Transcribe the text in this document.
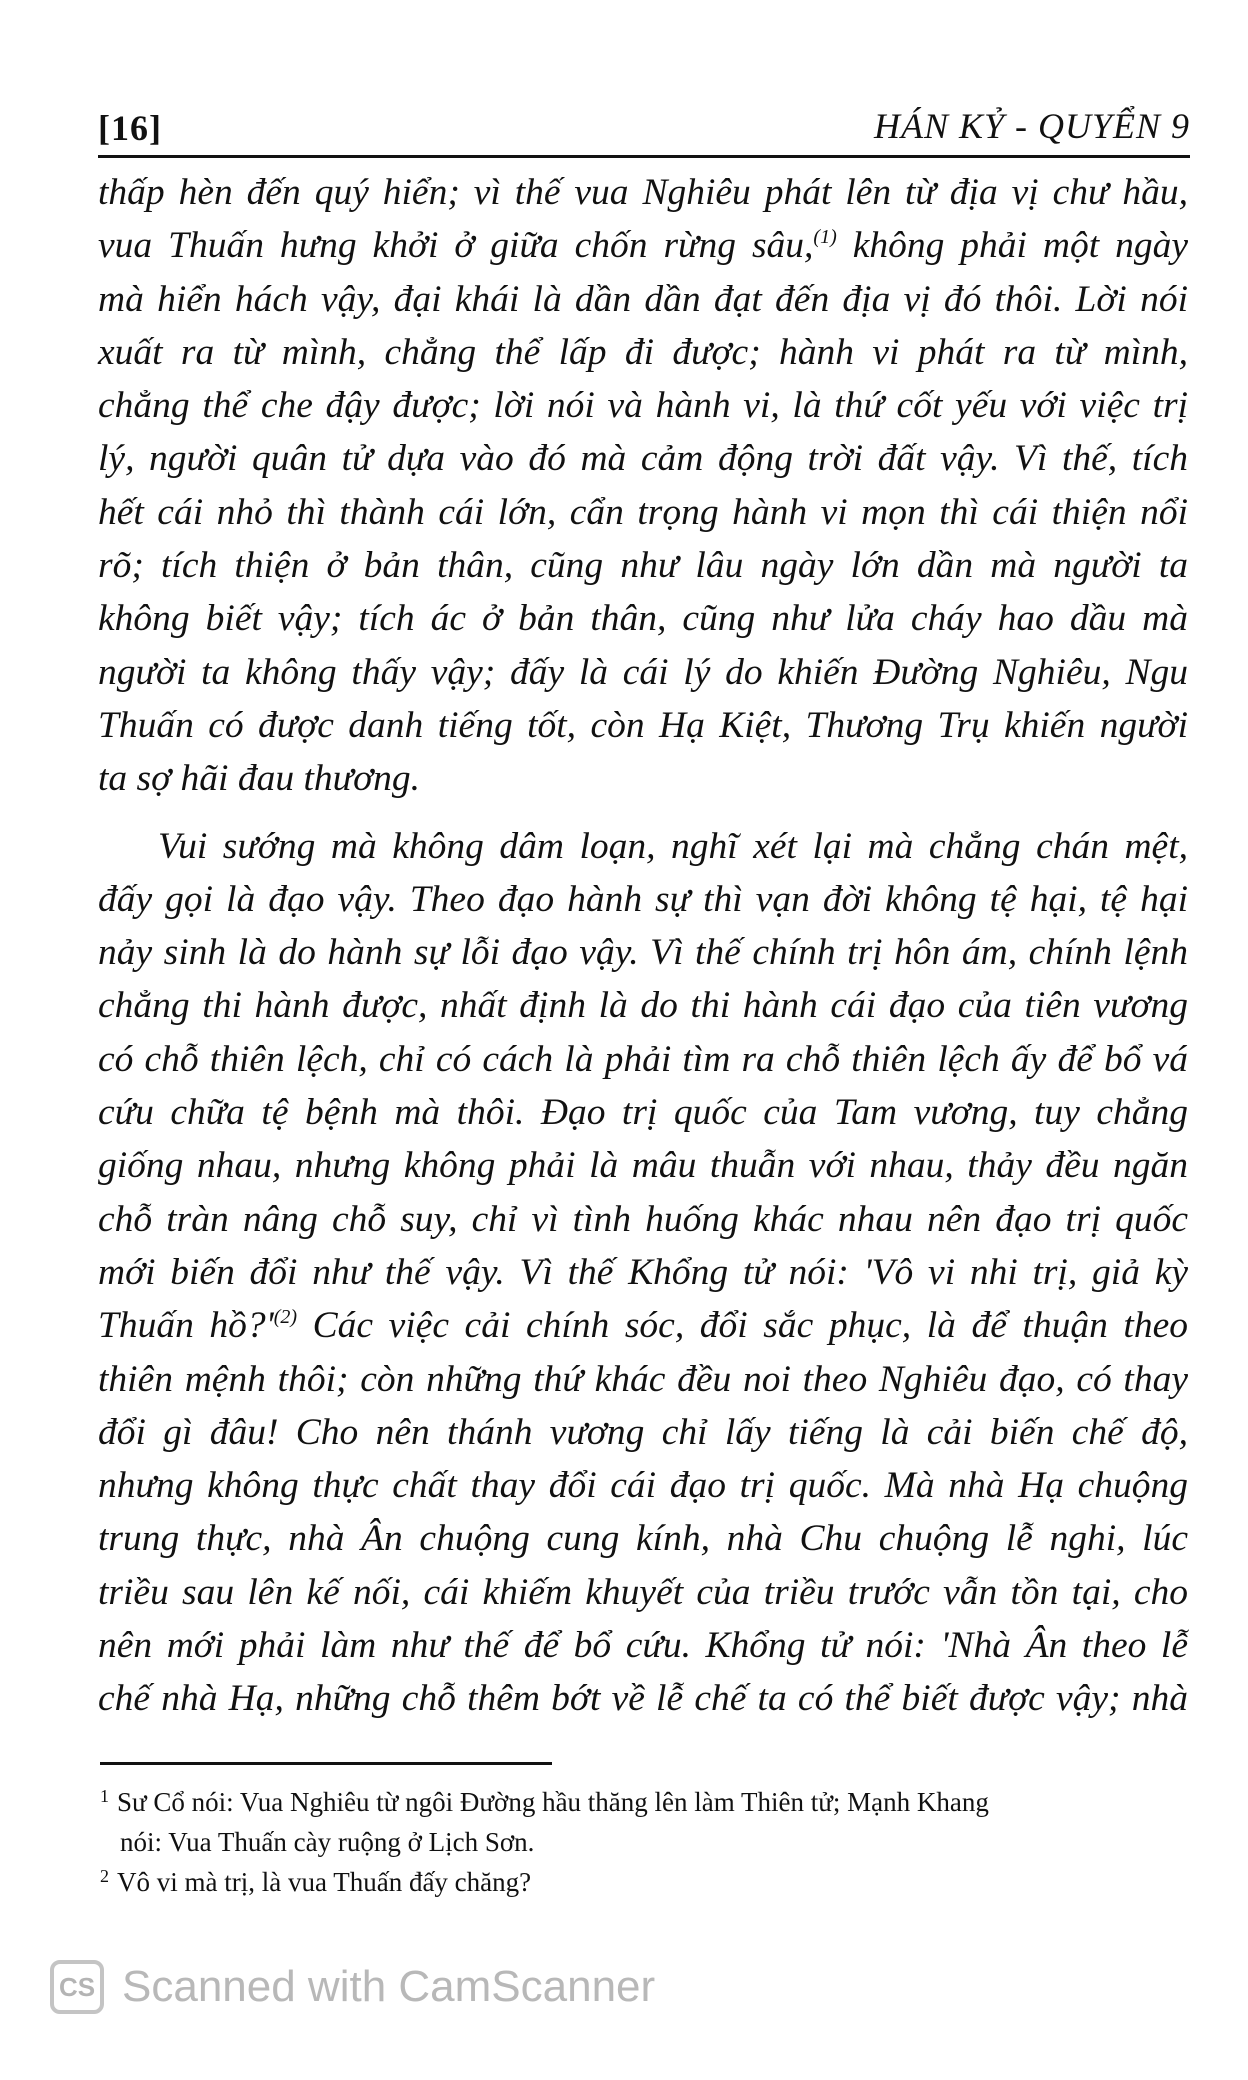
[16]	HÁN KỶ - QUYỂN 9
thấp hèn đến quý hiển; vì thế vua Nghiêu phát lên từ địa vị chư hầu,
vua Thuấn hưng khởi ở giữa chốn rừng sâu,$^{(1)}$ không phải một ngày
mà hiển hách vậy, đại khái là dần dần đạt đến địa vị đó thôi. Lời nói
xuất ra từ mình, chẳng thể lấp đi được; hành vi phát ra từ mình,
chẳng thể che đậy được; lời nói và hành vi, là thứ cốt yếu với việc trị
lý, người quân tử dựa vào đó mà cảm động trời đất vậy. Vì thế, tích
hết cái nhỏ thì thành cái lớn, cẩn trọng hành vi mọn thì cái thiện nổi
rõ; tích thiện ở bản thân, cũng như lâu ngày lớn dần mà người ta
không biết vậy; tích ác ở bản thân, cũng như lửa cháy hao dầu mà
người ta không thấy vậy; đấy là cái lý do khiến Đường Nghiêu, Ngu
Thuấn có được danh tiếng tốt, còn Hạ Kiệt, Thương Trụ khiến người
ta sợ hãi đau thương.
Vui sướng mà không dâm loạn, nghĩ xét lại mà chẳng chán mệt,
đấy gọi là đạo vậy. Theo đạo hành sự thì vạn đời không tệ hại, tệ hại
nảy sinh là do hành sự lỗi đạo vậy. Vì thế chính trị hôn ám, chính lệnh
chẳng thi hành được, nhất định là do thi hành cái đạo của tiên vương
có chỗ thiên lệch, chỉ có cách là phải tìm ra chỗ thiên lệch ấy để bổ vá
cứu chữa tệ bệnh mà thôi. Đạo trị quốc của Tam vương, tuy chẳng
giống nhau, nhưng không phải là mâu thuẫn với nhau, thảy đều ngăn
chỗ tràn nâng chỗ suy, chỉ vì tình huống khác nhau nên đạo trị quốc
mới biến đổi như thế vậy. Vì thế Khổng tử nói: 'Vô vi nhi trị, giả kỳ
Thuấn hồ?'$^{(2)}$ Các việc cải chính sóc, đổi sắc phục, là để thuận theo
thiên mệnh thôi; còn những thứ khác đều noi theo Nghiêu đạo, có thay
đổi gì đâu! Cho nên thánh vương chỉ lấy tiếng là cải biến chế độ,
nhưng không thực chất thay đổi cái đạo trị quốc. Mà nhà Hạ chuộng
trung thực, nhà Ân chuộng cung kính, nhà Chu chuộng lễ nghi, lúc
triều sau lên kế nối, cái khiếm khuyết của triều trước vẫn tồn tại, cho
nên mới phải làm như thế để bổ cứu. Khổng tử nói: 'Nhà Ân theo lễ
chế nhà Hạ, những chỗ thêm bớt về lễ chế ta có thể biết được vậy; nhà
$^1$ Sư Cổ nói: Vua Nghiêu từ ngôi Đường hầu thăng lên làm Thiên tử; Mạnh Khang
nói: Vua Thuấn cày ruộng ở Lịch Sơn.
$^2$ Vô vi mà trị, là vua Thuấn đấy chăng?
CS Scanned with CamScanner
